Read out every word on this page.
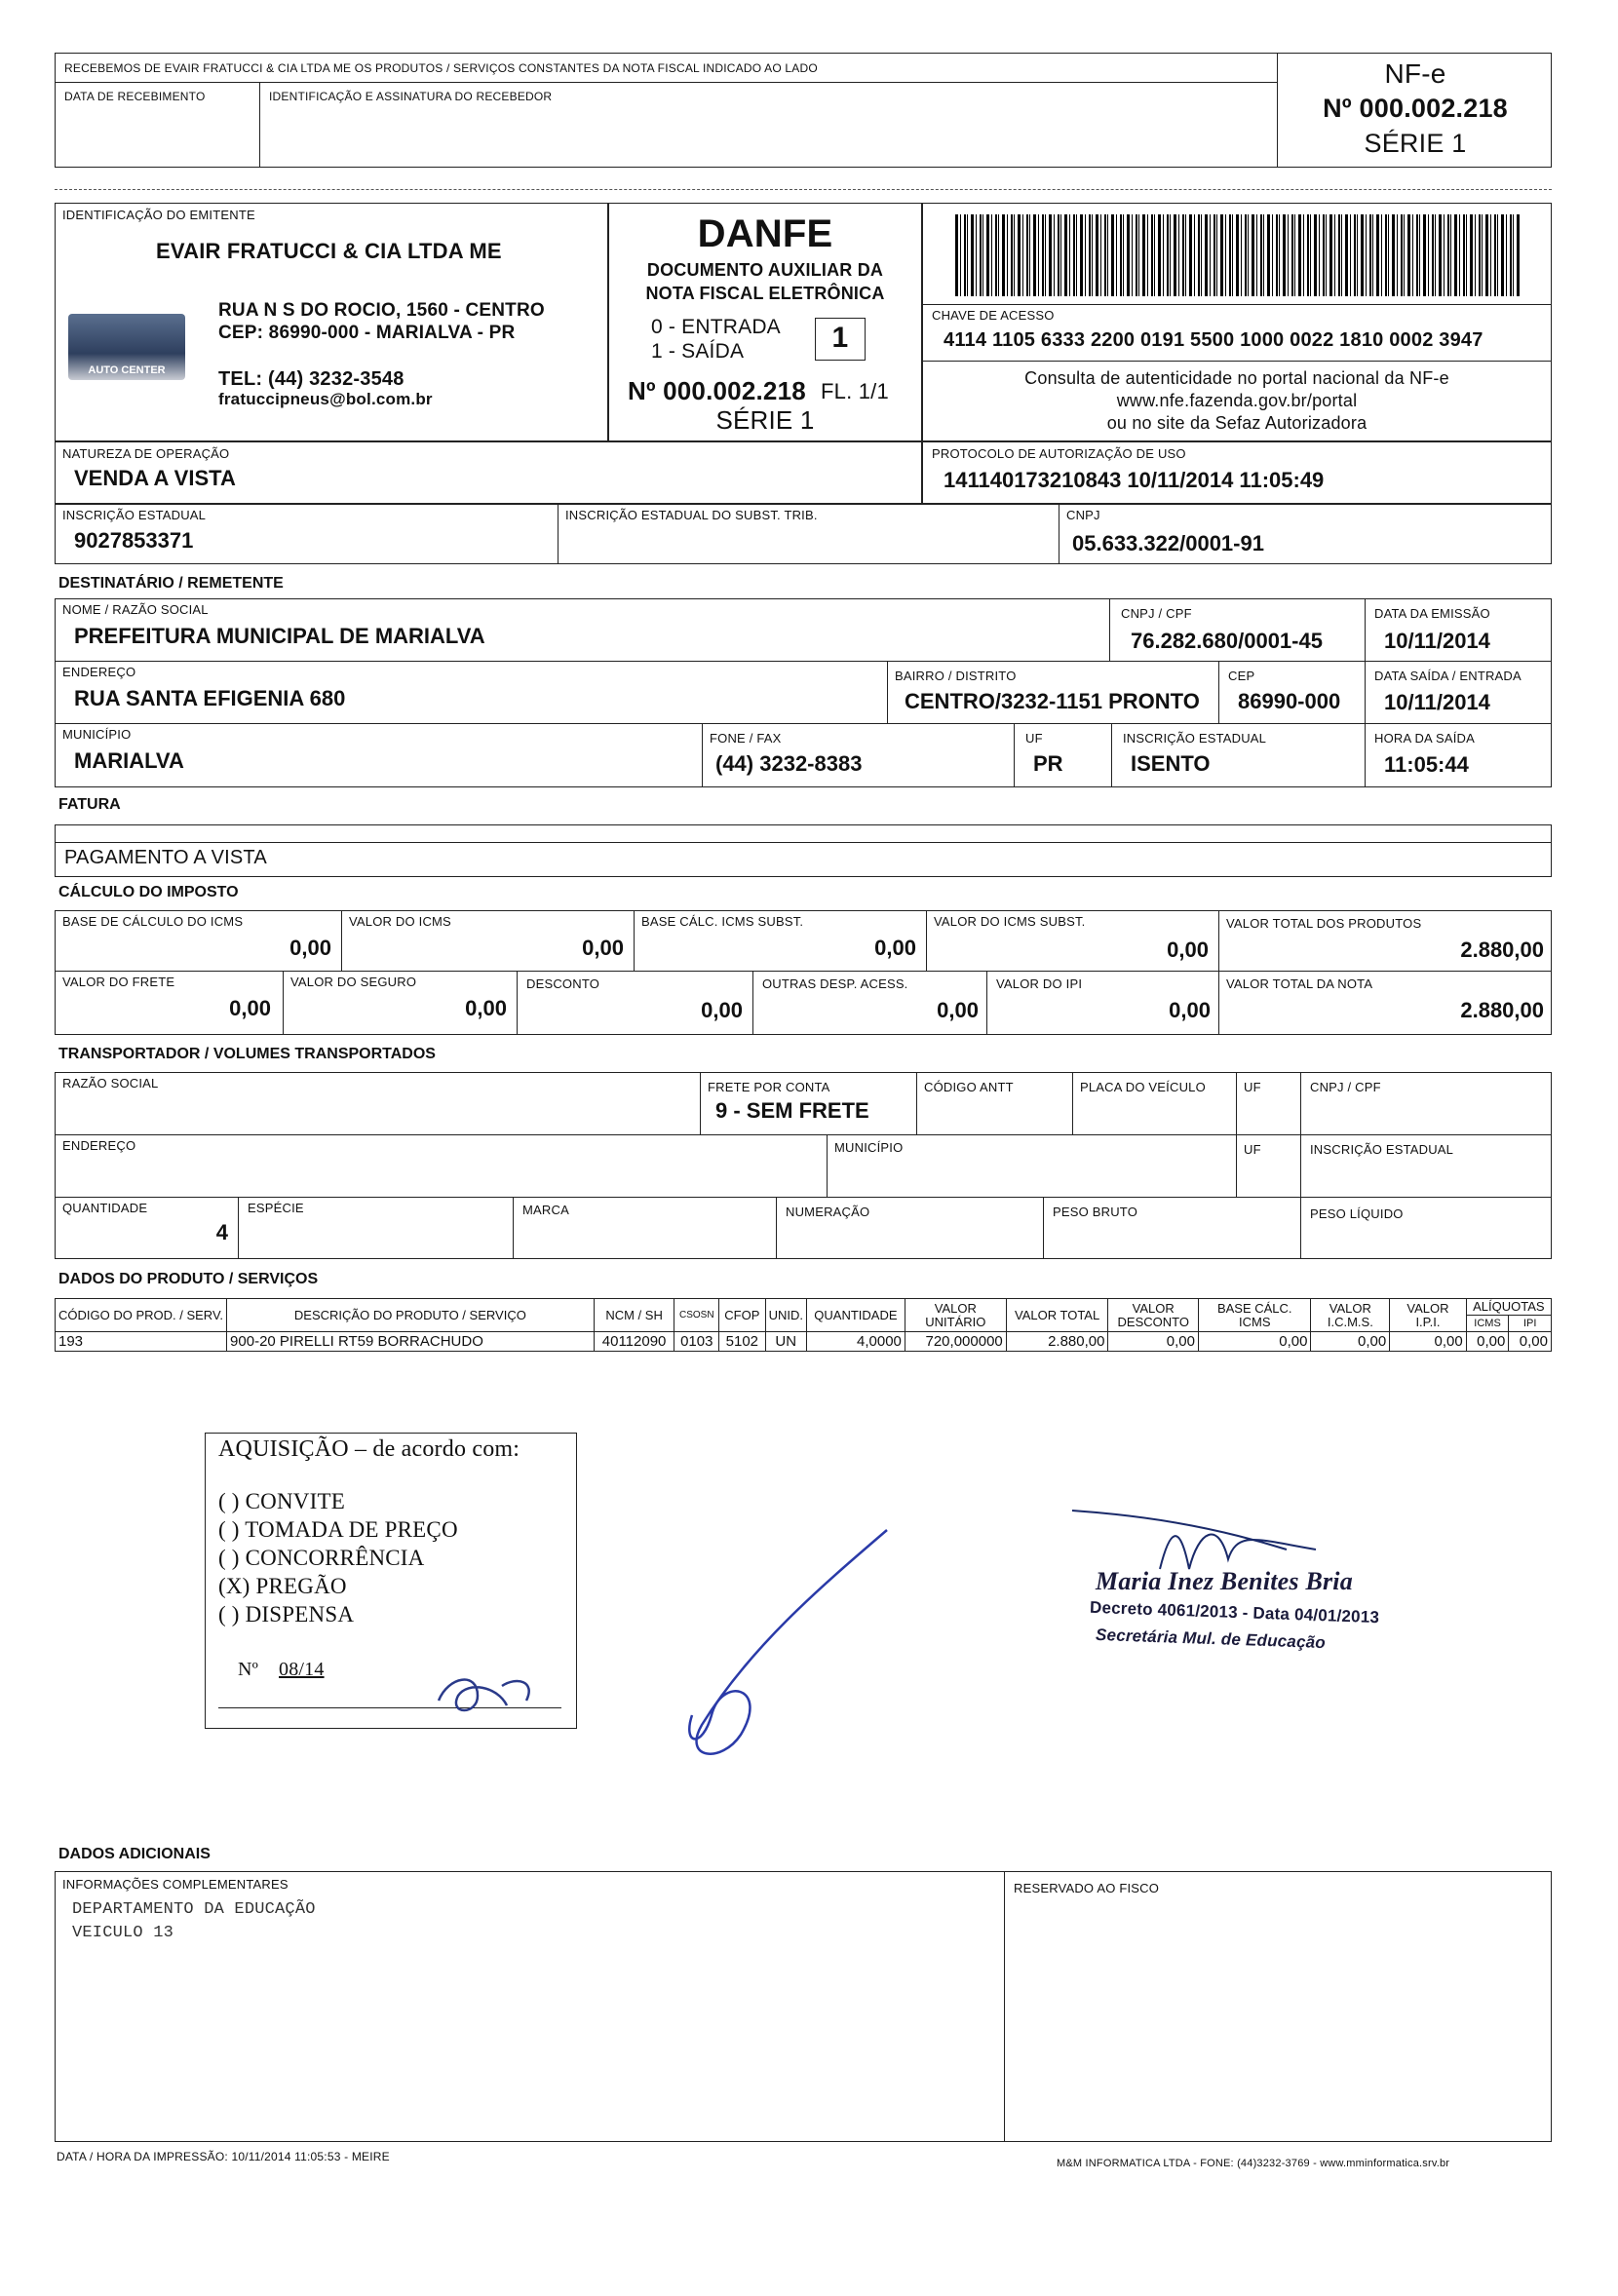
RECEBEMOS DE EVAIR FRATUCCI & CIA LTDA ME OS PRODUTOS / SERVIÇOS CONSTANTES DA NOTA FISCAL INDICADO AO LADO
DATA DE RECEBIMENTO	IDENTIFICAÇÃO E ASSINATURA DO RECEBEDOR
NF-e
Nº 000.002.218
SÉRIE 1
IDENTIFICAÇÃO DO EMITENTE
EVAIR FRATUCCI & CIA LTDA ME
AUTO CENTER
RUA N S DO ROCIO, 1560 - CENTRO
CEP: 86990-000 - MARIALVA - PR
TEL: (44) 3232-3548
fratuccipneus@bol.com.br
DANFE
DOCUMENTO AUXILIAR DA
NOTA FISCAL ELETRÔNICA
0 - ENTRADA
1 - SAÍDA	1
Nº 000.002.218 FL. 1/1
SÉRIE 1
CHAVE DE ACESSO
4114 1105 6333 2200 0191 5500 1000 0022 1810 0002 3947
Consulta de autenticidade no portal nacional da NF-e
www.nfe.fazenda.gov.br/portal
ou no site da Sefaz Autorizadora
NATUREZA DE OPERAÇÃO
VENDA A VISTA
PROTOCOLO DE AUTORIZAÇÃO DE USO
141140173210843 10/11/2014 11:05:49
INSCRIÇÃO ESTADUAL
9027853371
INSCRIÇÃO ESTADUAL DO SUBST. TRIB.	CNPJ
05.633.322/0001-91
DESTINATÁRIO / REMETENTE
NOME / RAZÃO SOCIAL
PREFEITURA MUNICIPAL DE MARIALVA
CNPJ / CPF
76.282.680/0001-45
DATA DA EMISSÃO
10/11/2014
ENDEREÇO
RUA SANTA EFIGENIA 680
BAIRRO / DISTRITO
CENTRO/3232-1151 PRONTO
CEP
86990-000
DATA SAÍDA / ENTRADA
10/11/2014
MUNICÍPIO
MARIALVA
FONE / FAX
(44) 3232-8383
UF
PR
INSCRIÇÃO ESTADUAL
ISENTO
HORA DA SAÍDA
11:05:44
FATURA
PAGAMENTO A VISTA
CÁLCULO DO IMPOSTO
BASE DE CÁLCULO DO ICMS
0,00
VALOR DO ICMS
0,00
BASE CÁLC. ICMS SUBST.
0,00
VALOR DO ICMS SUBST.
0,00
VALOR TOTAL DOS PRODUTOS
2.880,00
VALOR DO FRETE
0,00
VALOR DO SEGURO
0,00
DESCONTO
0,00
OUTRAS DESP. ACESS.
0,00
VALOR DO IPI
0,00
VALOR TOTAL DA NOTA
2.880,00
TRANSPORTADOR / VOLUMES TRANSPORTADOS
RAZÃO SOCIAL	FRETE POR CONTA
9 - SEM FRETE
CÓDIGO ANTT	PLACA DO VEÍCULO	UF	CNPJ / CPF
ENDEREÇO	MUNICÍPIO	UF	INSCRIÇÃO ESTADUAL
QUANTIDADE
4
ESPÉCIE	MARCA	NUMERAÇÃO	PESO BRUTO	PESO LÍQUIDO
DADOS DO PRODUTO / SERVIÇOS
CÓDIGO DO PROD. / SERV.	DESCRIÇÃO DO PRODUTO / SERVIÇO	NCM / SH	CSOSN	CFOP	UNID.	QUANTIDADE	VALOR UNITÁRIO	VALOR TOTAL	VALOR DESCONTO	BASE CÁLC. ICMS	VALOR I.C.M.S.	VALOR I.P.I.	ALÍQUOTAS	
													ICMS	IPI
193	900-20 PIRELLI RT59 BORRACHUDO	40112090	0103	5102	UN	4,0000	720,000000	2.880,00	0,00	0,00	0,00	0,00	0,00	0,00
AQUISIÇÃO – de acordo com:
( ) CONVITE
( ) TOMADA DE PREÇO
( ) CONCORRÊNCIA
(X) PREGÃO
( ) DISPENSA
Nº 08/14
Maria Inez Benites Bria
Decreto 4061/2013 - Data 04/01/2013
Secretária Mul. de Educação
DADOS ADICIONAIS
INFORMAÇÕES COMPLEMENTARES
DEPARTAMENTO DA EDUCAÇÃO
VEICULO 13
RESERVADO AO FISCO
DATA / HORA DA IMPRESSÃO: 10/11/2014 11:05:53 - MEIRE	M&M INFORMATICA LTDA - FONE: (44)3232-3769 - www.mminformatica.srv.br
